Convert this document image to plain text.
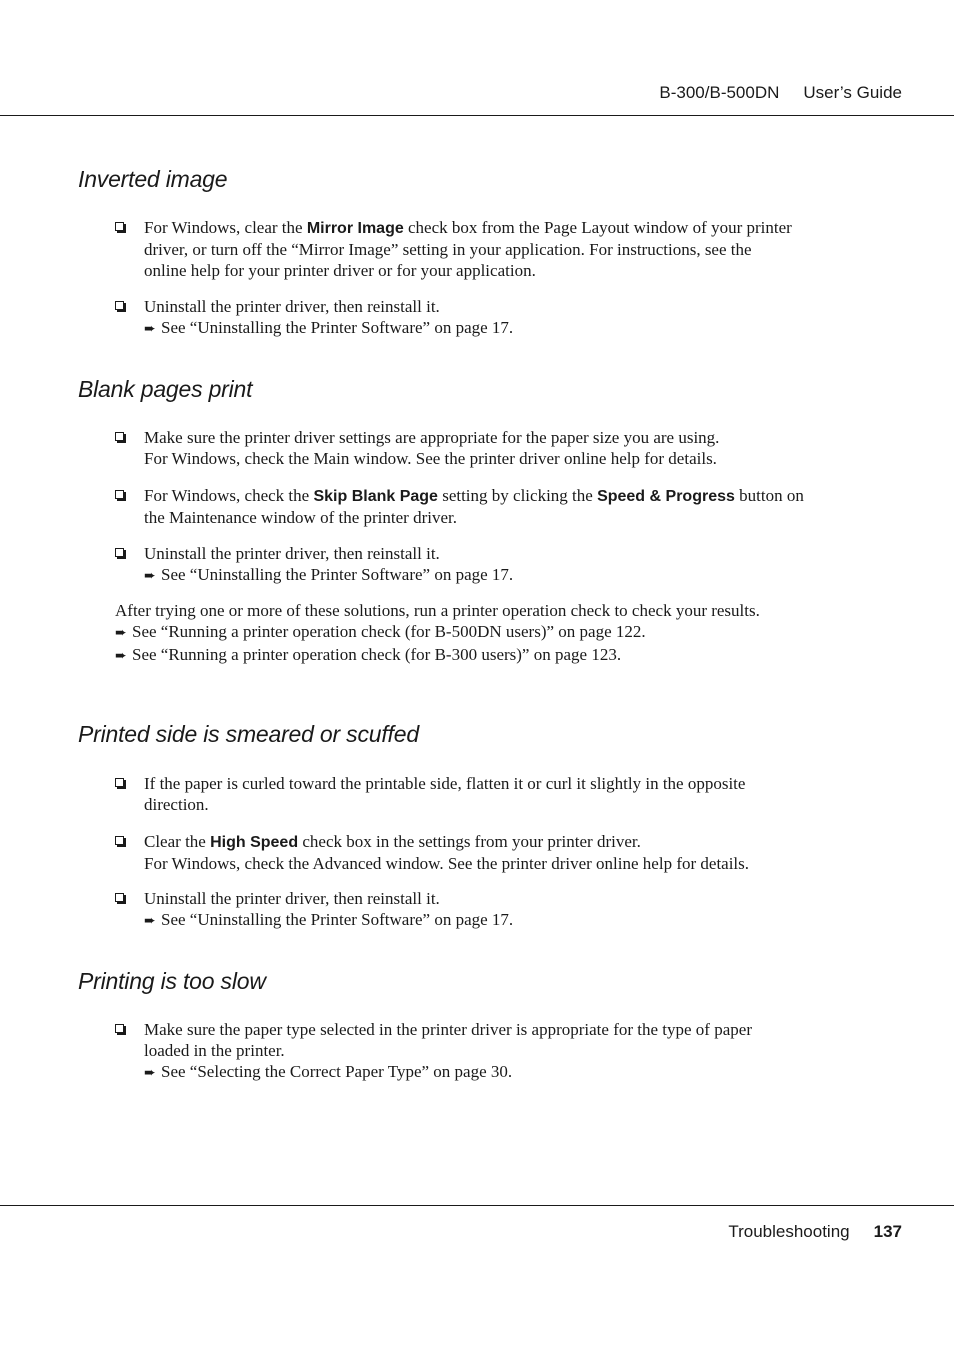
B-300/B-500DN User’s Guide
Inverted image
For Windows, clear the Mirror Image check box from the Page Layout window of your printer
driver, or turn off the “Mirror Image” setting in your application. For instructions, see the
online help for your printer driver or for your application.
Uninstall the printer driver, then reinstall it.
➨ See “Uninstalling the Printer Software” on page 17.
Blank pages print
Make sure the printer driver settings are appropriate for the paper size you are using.
For Windows, check the Main window. See the printer driver online help for details.
For Windows, check the Skip Blank Page setting by clicking the Speed & Progress button on
the Maintenance window of the printer driver.
Uninstall the printer driver, then reinstall it.
➨ See “Uninstalling the Printer Software” on page 17.
After trying one or more of these solutions, run a printer operation check to check your results.
➨ See “Running a printer operation check (for B-500DN users)” on page 122.
➨ See “Running a printer operation check (for B-300 users)” on page 123.
Printed side is smeared or scuffed
If the paper is curled toward the printable side, flatten it or curl it slightly in the opposite
direction.
Clear the High Speed check box in the settings from your printer driver.
For Windows, check the Advanced window. See the printer driver online help for details.
Uninstall the printer driver, then reinstall it.
➨ See “Uninstalling the Printer Software” on page 17.
Printing is too slow
Make sure the paper type selected in the printer driver is appropriate for the type of paper
loaded in the printer.
➨ See “Selecting the Correct Paper Type” on page 30.
Troubleshooting 137
